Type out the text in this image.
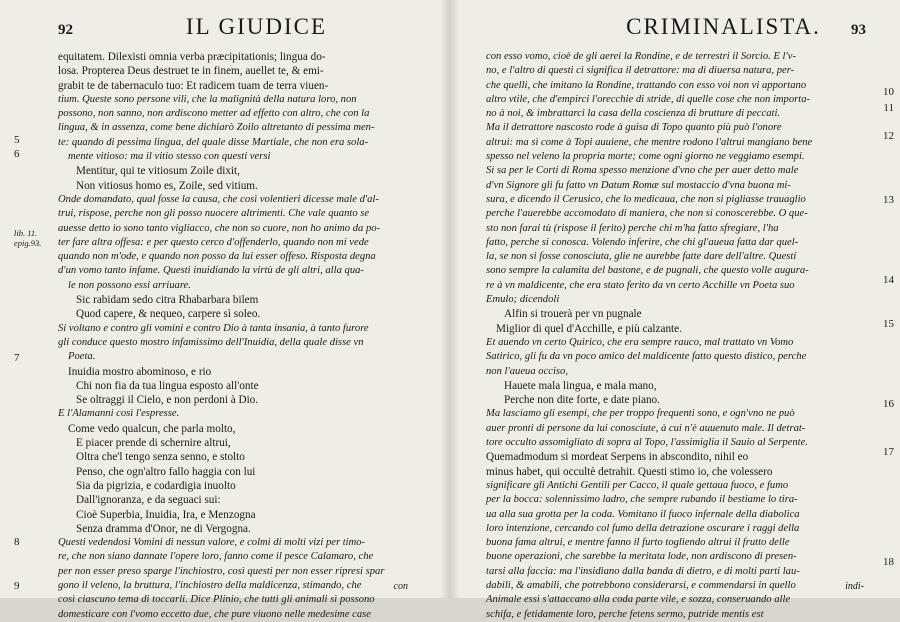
92	IL GIUDICE
lib. 11.
epig.93.
5
6
7
8
9
equitatem. Dilexisti omnia verba præcipitationis; lingua do-
losa. Propterea Deus destruet te in finem, auellet te, & emi-
grabit te de tabernaculo tuo: Et radicem tuam de terra viuen-
tium. Queste sono persone vili, che la malignità della natura loro, non
possono, non sanno, non ardiscono metter ad effetto con altro, che con la
lingua, & in assenza, come bene dichiarò Zoilo altretanto di pessima men-
te: quando di pessima lingua, del quale disse Martiale, che non era sola-
mente vitioso: ma il vitio stesso con questi versi
Mentitur, qui te vitiosum Zoile dixit,
Non vitiosus homo es, Zoile, sed vitium.
Onde domandato, qual fosse la causa, che così volentieri dicesse male d'al-
trui, rispose, perche non gli posso nuocere altrimenti. Che vale quanto se
auesse detto io sono tanto vigliacco, che non so cuore, non ho animo da po-
ter fare altra offesa: e per questo cerco d'offenderlo, quando non mi vede
quando non m'ode, e quando non posso da lui esser offeso. Risposta degna
d'un vomo tanto infame. Questi inuidiando la virtù de gli altri, alla qua-
le non possono essi arriuare.
Sic rabidam sedo citra Rhabarbara bilem
Quod capere, & nequeo, carpere sì soleo.
Si voltano e contro gli vomini e contro Dio à tanta insania, à tanto furore
gli conduce questo mostro infamissimo dell'Inuidia, della quale disse vn
Poeta.
Inuidia mostro abominoso, e rio
Chi non fia da tua lingua esposto all'onte
Se oltraggi il Cielo, e non perdoni à Dio.
E l'Alamanni così l'espresse.
Come vedo qualcun, che parla molto,
E piacer prende di schernire altrui,
Oltra che'l tengo senza senno, e stolto
Penso, che ogn'altro fallo haggia con lui
Sia da pigrizia, e codardigia inuolto
Dall'ignoranza, e da seguaci sui:
Cioè Superbia, Inuidia, Ira, e Menzogna
Senza dramma d'Onor, ne di Vergogna.
Questi vedendosi Vomini di nessun valore, e colmi di molti vizi per timo-
re, che non siano dannate l'opere loro, fanno come il pesce Calamaro, che
per non esser preso sparge l'inchiostro, così questi per non esser ripresi spar
gono il veleno, la bruttura, l'inchiostro della maldicenza, stimando, che
così ciascuno tema di toccarli. Dice Plinio, che tutti gli animali sì possono
domesticare con l'vomo eccetto due, che pure viuono nelle medesime case
con
CRIMINALISTA. 93
10
11
12
13
14
15
16
17
18
con esso vomo, cioè de gli aerei la Rondine, e de terrestri il Sorcio. E l'v-
no, e l'altro di questi ci significa il detrattore: ma di diuersa natura, per-
che quelli, che imitano la Rondine, trattando con esso voi non vi apportano
altro vtile, che d'empirci l'orecchie di stride, di quelle cose che non importa-
no à noi, & imbrattarci la casa della coscienza di brutture di peccati.
Ma il detrattore nascosto rode à guisa di Topo quanto più può l'onore
altrui: ma sì come à Topi auuiene, che mentre rodono l'altrui mangiano bene
spesso nel veleno la propria morte; come ogni giorno ne veggiamo esempi.
Si sa per le Corti di Roma spesso menzione d'vno che per auer detto male
d'vn Signore gli fu fatto vn Datum Romæ sul mostaccio d'vna buona mi-
sura, e dicendo il Cerusico, che lo medicaua, che non si pigliasse trauaglio
perche l'auerebbe accomodato di maniera, che non si conoscerebbe. O que-
sto non farai tù (rispose il ferito) perche chi m'ha fatto sfregiare, l'ha
fatto, perche si conosca. Volendo inferire, che chi gl'aueua fatta dar quel-
la, se non si fosse conosciuta, glie ne aurebbe fatte dare dell'altre. Questi
sono sempre la calamita del bastone, e de pugnali, che questo volle augura-
re à vn maldicente, che era stato ferito da vn certo Acchille vn Poeta suo
Emulo; dicendoli
Alfin si trouerà per vn pugnale
Miglior di quel d'Acchille, e più calzante.
Et auendo vn certo Quirico, che era sempre rauco, mal trattato vn Vomo
Satirico, gli fu da vn poco amico del maldicente fatto questo distico, perche
non l'aueua occiso,
Hauete mala lingua, e mala mano,
Perche non dite forte, e date piano.
Ma lasciamo gli esempi, che per troppo frequenti sono, e ogn'vno ne può
auer pronti di persone da lui conosciute, à cui n'è auuenuto male. Il detrat-
tore occulto assomigliato di sopra al Topo, l'assimiglia il Sauio al Serpente.
Quemadmodum si mordeat Serpens in abscondito, nihil eo
minus habet, qui occultè detrahit. Questi stimo io, che volessero
significare gli Antichi Gentili per Cacco, il quale gettaua fuoco, e fumo
per la bocca: solennissimo ladro, che sempre rubando il bestiame lo tira-
ua alla sua grotta per la coda. Vomitano il fuoco infernale della diabolica
loro intenzione, cercando col fumo della detrazione oscurare i raggi della
buona fama altrui, e mentre fanno il furto togliendo altrui il frutto delle
buone operazioni, che sarebbe la meritata lode, non ardiscono di presen-
tarsi alla faccia: ma l'insidiano dalla banda di dietro, e di molti parti lau-
dabili, & amabili, che potrebbono considerarsi, e commendarsi in quello
Animale essi s'attaccano alla coda parte vile, e sozza, conseruando alle
schifa, e fetidamente loro, perche fetens sermo, putride mentis est
indi-
